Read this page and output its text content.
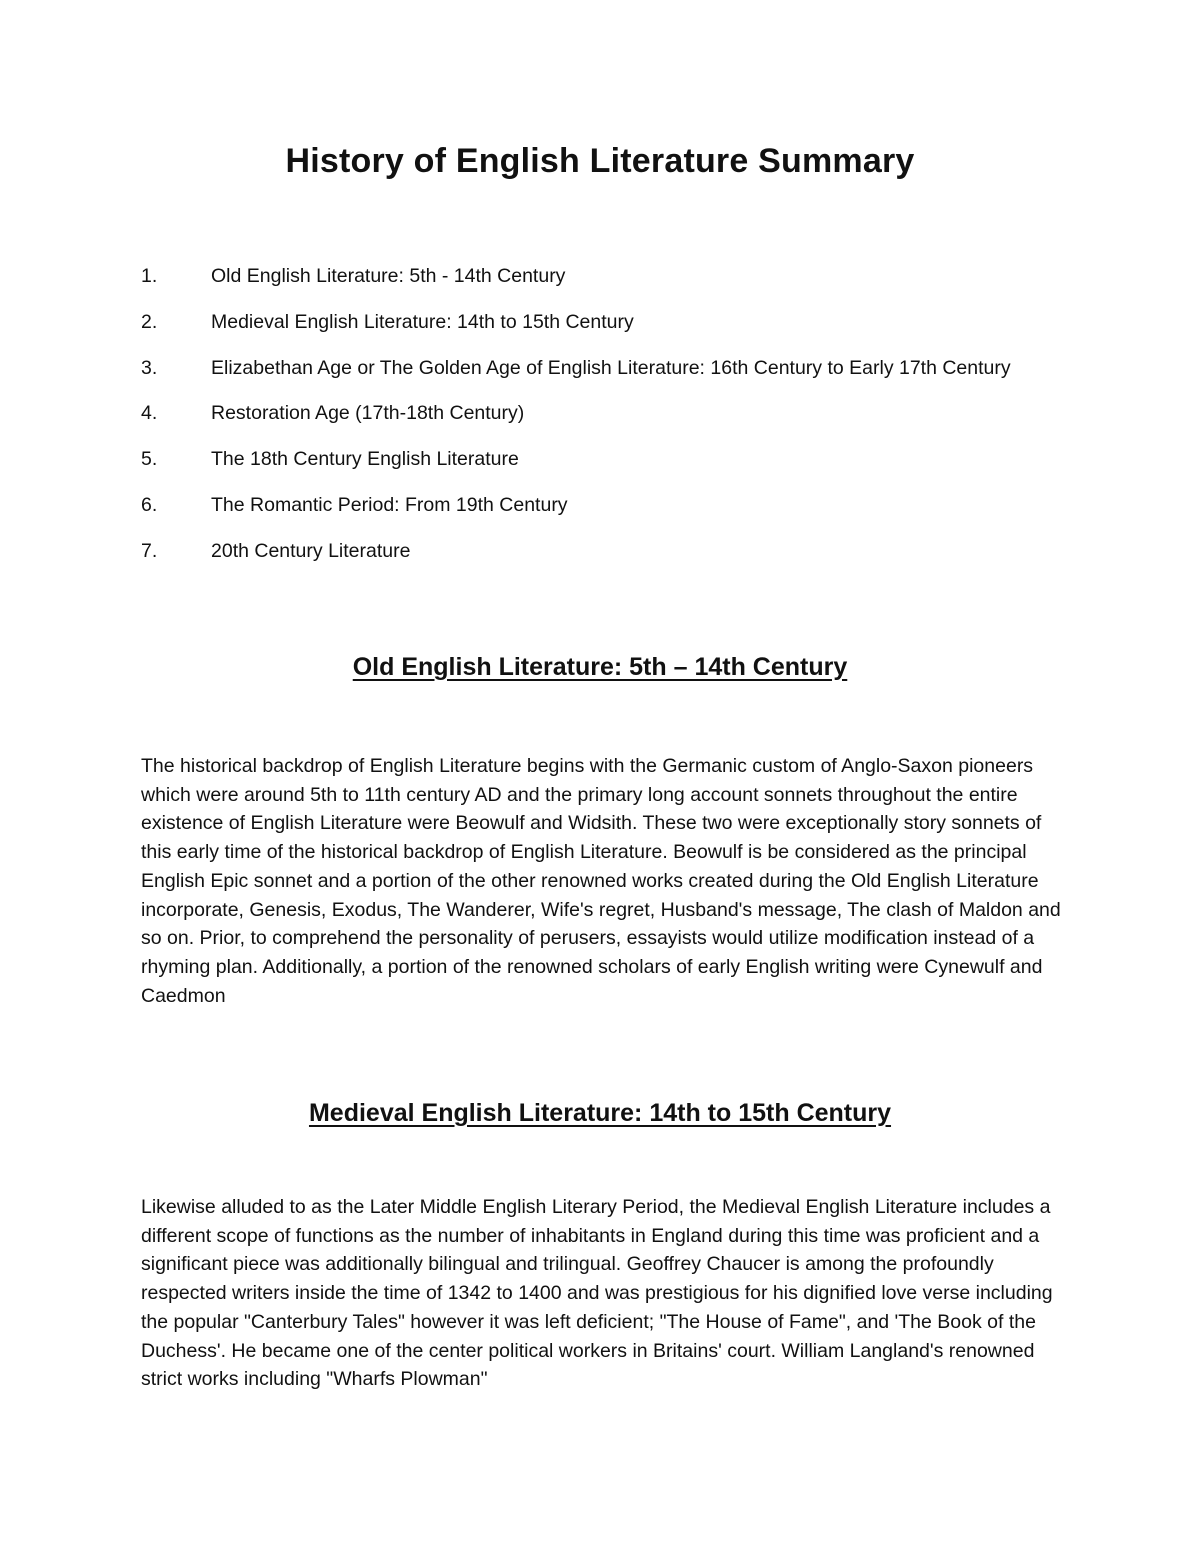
History of English Literature Summary
1.	Old English Literature: 5th - 14th Century
2.	Medieval English Literature: 14th to 15th Century
3.	Elizabethan Age or The Golden Age of English Literature: 16th Century to Early 17th Century
4.	Restoration Age (17th-18th Century)
5.	The 18th Century English Literature
6.	The Romantic Period: From 19th Century
7.	20th Century Literature
Old English Literature: 5th – 14th Century

The historical backdrop of English Literature begins with the Germanic custom of Anglo-Saxon pioneers which were around 5th to 11th century AD and the primary long account sonnets throughout the entire existence of English Literature were Beowulf and Widsith. These two were exceptionally story sonnets of this early time of the historical backdrop of English Literature. Beowulf is be considered as the principal English Epic sonnet and a portion of the other renowned works created during the Old English Literature incorporate, Genesis, Exodus, The Wanderer, Wife's regret, Husband's message, The clash of Maldon and so on. Prior, to comprehend the personality of perusers, essayists would utilize modification instead of a rhyming plan. Additionally, a portion of the renowned scholars of early English writing were Cynewulf and Caedmon

Medieval English Literature: 14th to 15th Century

Likewise alluded to as the Later Middle English Literary Period, the Medieval English Literature includes a different scope of functions as the number of inhabitants in England during this time was proficient and a significant piece was additionally bilingual and trilingual. Geoffrey Chaucer is among the profoundly respected writers inside the time of 1342 to 1400 and was prestigious for his dignified love verse including the popular "Canterbury Tales" however it was left deficient; "The House of Fame", and 'The Book of the Duchess'. He became one of the center political workers in Britains' court. William Langland's renowned strict works including "Wharfs Plowman"
